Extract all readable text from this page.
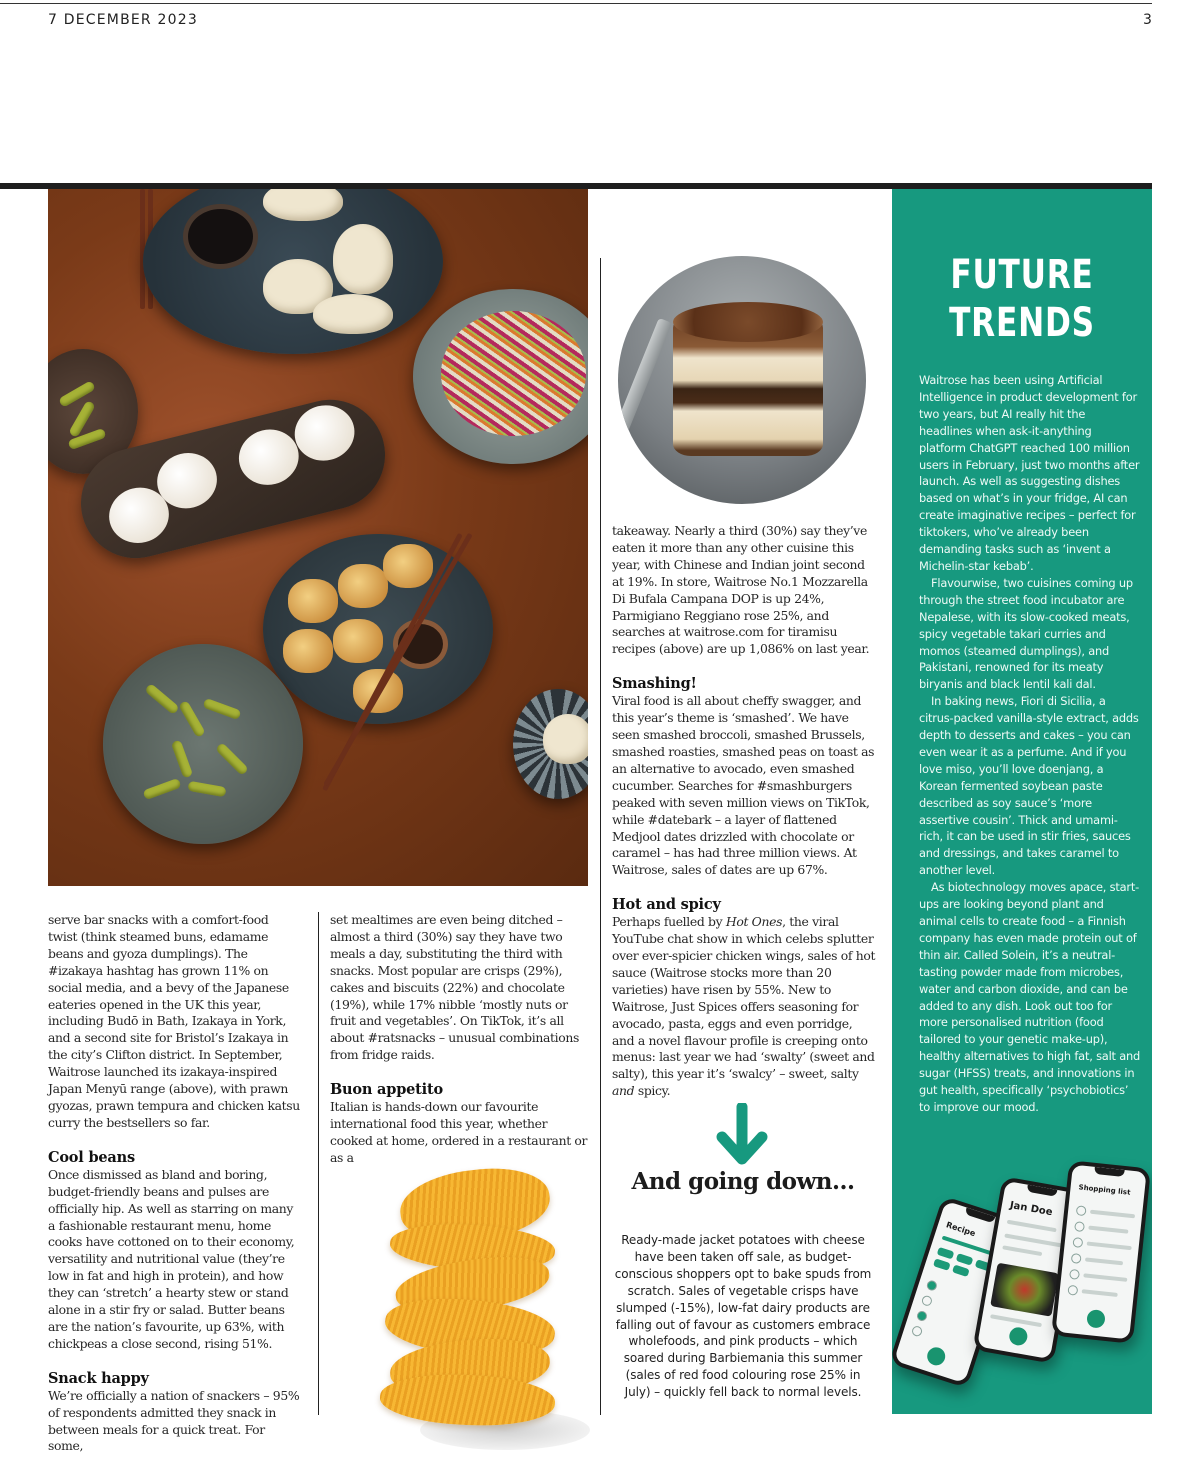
7 DECEMBER 2023	3

serve bar snacks with a comfort-food twist (think steamed buns, edamame beans and gyoza dumplings). The #izakaya hashtag has grown 11% on social media, and a bevy of the Japanese eateries opened in the UK this year, including Budō in Bath, Izakaya in York, and a second site for Bristol’s Izakaya in the city’s Clifton district. In September, Waitrose launched its izakaya-inspired Japan Menyū range (above), with prawn gyozas, prawn tempura and chicken katsu curry the bestsellers so far.

Cool beans

Once dismissed as bland and boring, budget-friendly beans and pulses are officially hip. As well as starring on many a fashionable restaurant menu, home cooks have cottoned on to their economy, versatility and nutritional value (they’re low in fat and high in protein), and how they can ‘stretch’ a hearty stew or stand alone in a stir fry or salad. Butter beans are the nation’s favourite, up 63%, with chickpeas a close second, rising 51%.

Snack happy

We’re officially a nation of snackers – 95% of respondents admitted they snack in between meals for a quick treat. For some,

set mealtimes are even being ditched – almost a third (30%) say they have two meals a day, substituting the third with snacks. Most popular are crisps (29%), cakes and biscuits (22%) and chocolate (19%), while 17% nibble ‘mostly nuts or fruit and vegetables’. On TikTok, it’s all about #ratsnacks – unusual combinations from fridge raids.

Buon appetito

Italian is hands-down our favourite international food this year, whether cooked at home, ordered in a restaurant or as a

takeaway. Nearly a third (30%) say they’ve eaten it more than any other cuisine this year, with Chinese and Indian joint second at 19%. In store, Waitrose No.1 Mozzarella Di Bufala Campana DOP is up 24%, Parmigiano Reggiano rose 25%, and searches at waitrose.com for tiramisu recipes (above) are up 1,086% on last year.

Smashing!

Viral food is all about cheffy swagger, and this year’s theme is ‘smashed’. We have seen smashed broccoli, smashed Brussels, smashed roasties, smashed peas on toast as an alternative to avocado, even smashed cucumber. Searches for #smashburgers peaked with seven million views on TikTok, while #datebark – a layer of flattened Medjool dates drizzled with chocolate or caramel – has had three million views. At Waitrose, sales of dates are up 67%.

Hot and spicy

Perhaps fuelled by Hot Ones, the viral YouTube chat show in which celebs splutter over ever-spicier chicken wings, sales of hot sauce (Waitrose stocks more than 20 varieties) have risen by 55%. New to Waitrose, Just Spices offers seasoning for avocado, pasta, eggs and even porridge, and a novel flavour profile is creeping onto menus: last year we had ‘swalty’ (sweet and salty), this year it’s ‘swalcy’ – sweet, salty and spicy.

And going down…
Ready-made jacket potatoes with cheese have been taken off sale, as budget-conscious shoppers opt to bake spuds from scratch. Sales of vegetable crisps have slumped (-15%), low-fat dairy products are falling out of favour as customers embrace wholefoods, and pink products – which soared during Barbiemania this summer (sales of red food colouring rose 25% in July) – quickly fell back to normal levels.
FUTURE
TRENDS

Waitrose has been using Artificial Intelligence in product development for two years, but AI really hit the headlines when ask-it-anything platform ChatGPT reached 100 million users in February, just two months after launch. As well as suggesting dishes based on what’s in your fridge, AI can create imaginative recipes – perfect for tiktokers, who’ve already been demanding tasks such as ‘invent a Michelin-star kebab’.

Flavourwise, two cuisines coming up through the street food incubator are Nepalese, with its slow-cooked meats, spicy vegetable takari curries and momos (steamed dumplings), and Pakistani, renowned for its meaty biryanis and black lentil kali dal.

In baking news, Fiori di Sicilia, a citrus-packed vanilla-style extract, adds depth to desserts and cakes – you can even wear it as a perfume. And if you love miso, you’ll love doenjang, a Korean fermented soybean paste described as soy sauce’s ‘more assertive cousin’. Thick and umami-rich, it can be used in stir fries, sauces and dressings, and takes caramel to another level.

As biotechnology moves apace, start-ups are looking beyond plant and animal cells to create food – a Finnish company has even made protein out of thin air. Called Solein, it’s a neutral-tasting powder made from microbes, water and carbon dioxide, and can be added to any dish. Look out too for more personalised nutrition (food tailored to your genetic make-up), healthy alternatives to high fat, salt and sugar (HFSS) treats, and innovations in gut health, specifically ‘psychobiotics’ to improve our mood.

Recipe
Jan Doe
Shopping list
